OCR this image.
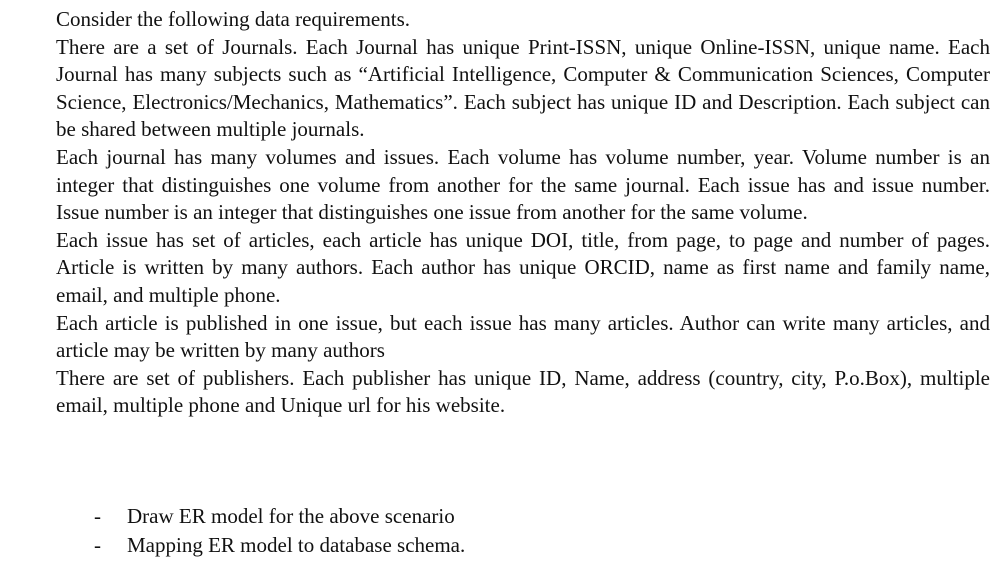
Consider the following data requirements.

There are a set of Journals. Each Journal has unique Print-ISSN, unique Online-ISSN, unique name. Each Journal has many subjects such as “Artificial Intelligence, Computer & Communication Sciences, Computer Science, Electronics/Mechanics, Mathematics”. Each subject has unique ID and Description. Each subject can be shared between multiple journals.

Each journal has many volumes and issues. Each volume has volume number, year. Volume number is an integer that distinguishes one volume from another for the same journal. Each issue has and issue number. Issue number is an integer that distinguishes one issue from another for the same volume.

Each issue has set of articles, each article has unique DOI, title, from page, to page and number of pages. Article is written by many authors. Each author has unique ORCID, name as first name and family name, email, and multiple phone.

Each article is published in one issue, but each issue has many articles. Author can write many articles, and article may be written by many authors

There are set of publishers. Each publisher has unique ID, Name, address (country, city, P.o.Box), multiple email, multiple phone and Unique url for his website.

-	Draw ER model for the above scenario
-	Mapping ER model to database schema.
